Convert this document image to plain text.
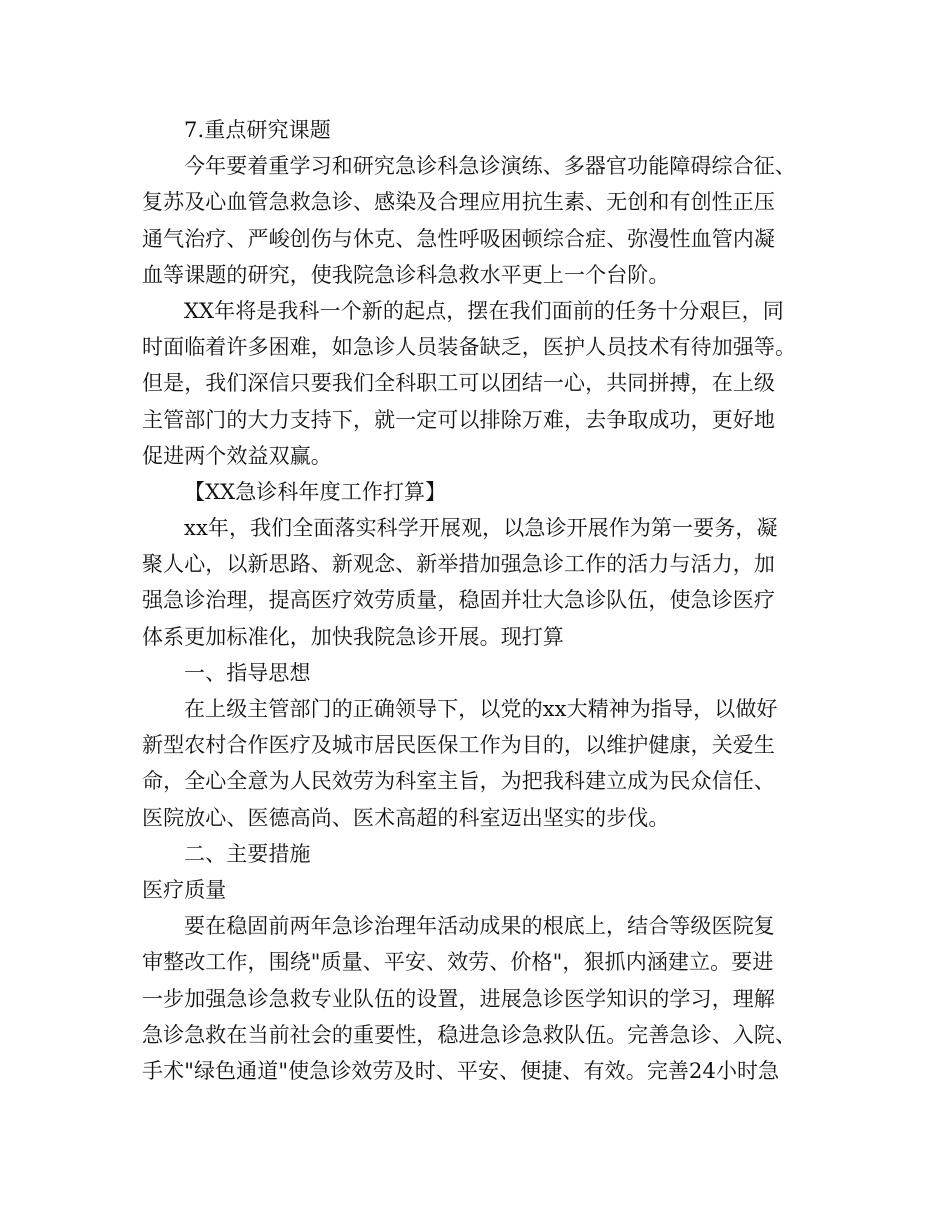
7.重点研究课题
今年要着重学习和研究急诊科急诊演练、多器官功能障碍综合征、
复苏及心血管急救急诊、感染及合理应用抗生素、无创和有创性正压
通气治疗、严峻创伤与休克、急性呼吸困顿综合症、弥漫性血管内凝
血等课题的研究，使我院急诊科急救水平更上一个台阶。
XX年将是我科一个新的起点，摆在我们面前的任务十分艰巨，同
时面临着许多困难，如急诊人员装备缺乏，医护人员技术有待加强等。
但是，我们深信只要我们全科职工可以团结一心，共同拼搏，在上级
主管部门的大力支持下，就一定可以排除万难，去争取成功，更好地
促进两个效益双赢。
【XX急诊科年度工作打算】
xx年，我们全面落实科学开展观，以急诊开展作为第一要务，凝
聚人心，以新思路、新观念、新举措加强急诊工作的活力与活力，加
强急诊治理，提高医疗效劳质量，稳固并壮大急诊队伍，使急诊医疗
体系更加标准化，加快我院急诊开展。现打算
一、指导思想
在上级主管部门的正确领导下，以党的xx大精神为指导，以做好
新型农村合作医疗及城市居民医保工作为目的，以维护健康，关爱生
命，全心全意为人民效劳为科室主旨，为把我科建立成为民众信任、
医院放心、医德高尚、医术高超的科室迈出坚实的步伐。
二、主要措施
医疗质量
要在稳固前两年急诊治理年活动成果的根底上，结合等级医院复
审整改工作，围绕"质量、平安、效劳、价格"，狠抓内涵建立。要进
一步加强急诊急救专业队伍的设置，进展急诊医学知识的学习，理解
急诊急救在当前社会的重要性，稳进急诊急救队伍。完善急诊、入院、
手术"绿色通道"使急诊效劳及时、平安、便捷、有效。完善24小时急
